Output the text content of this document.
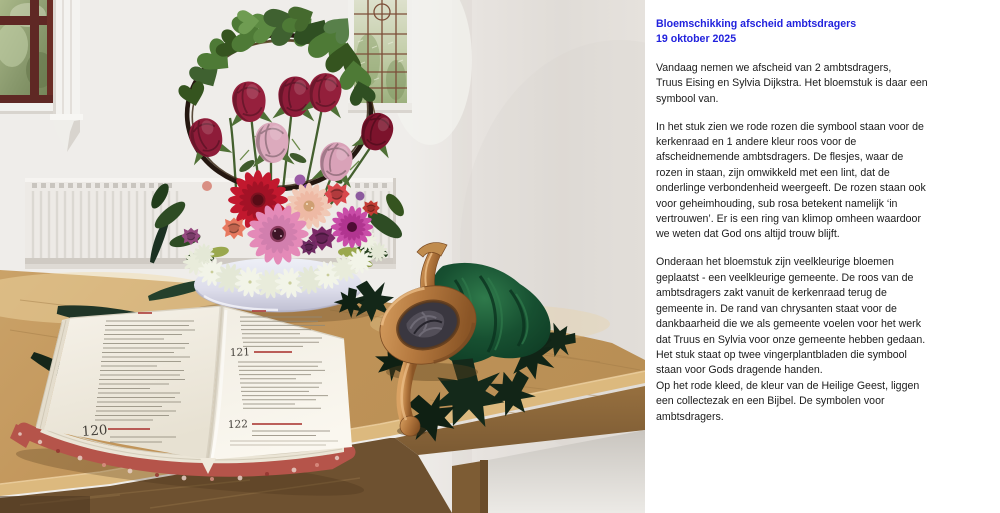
120
121
122
Bloemschikking afscheid ambtsdragers
19 oktober 2025
Vandaag nemen we afscheid van 2 ambtsdragers,
Truus Eising en Sylvia Dijkstra. Het bloemstuk is daar een
symbool van.
In het stuk zien we rode rozen die symbool staan voor de
kerkenraad en 1 andere kleur roos voor de
afscheidnemende ambtsdragers. De flesjes, waar de
rozen in staan, zijn omwikkeld met een lint, dat de
onderlinge verbondenheid weergeeft. De rozen staan ook
voor geheimhouding, sub rosa betekent namelijk ‘in
vertrouwen’. Er is een ring van klimop omheen waardoor
we weten dat God ons altijd trouw blijft.
Onderaan het bloemstuk zijn veelkleurige bloemen
geplaatst - een veelkleurige gemeente. De roos van de
ambtsdragers zakt vanuit de kerkenraad terug de
gemeente in. De rand van chrysanten staat voor de
dankbaarheid die we als gemeente voelen voor het werk
dat Truus en Sylvia voor onze gemeente hebben gedaan.
Het stuk staat op twee vingerplantbladen die symbool
staan voor Gods dragende handen.
Op het rode kleed, de kleur van de Heilige Geest, liggen
een collectezak en een Bijbel. De symbolen voor
ambtsdragers.
